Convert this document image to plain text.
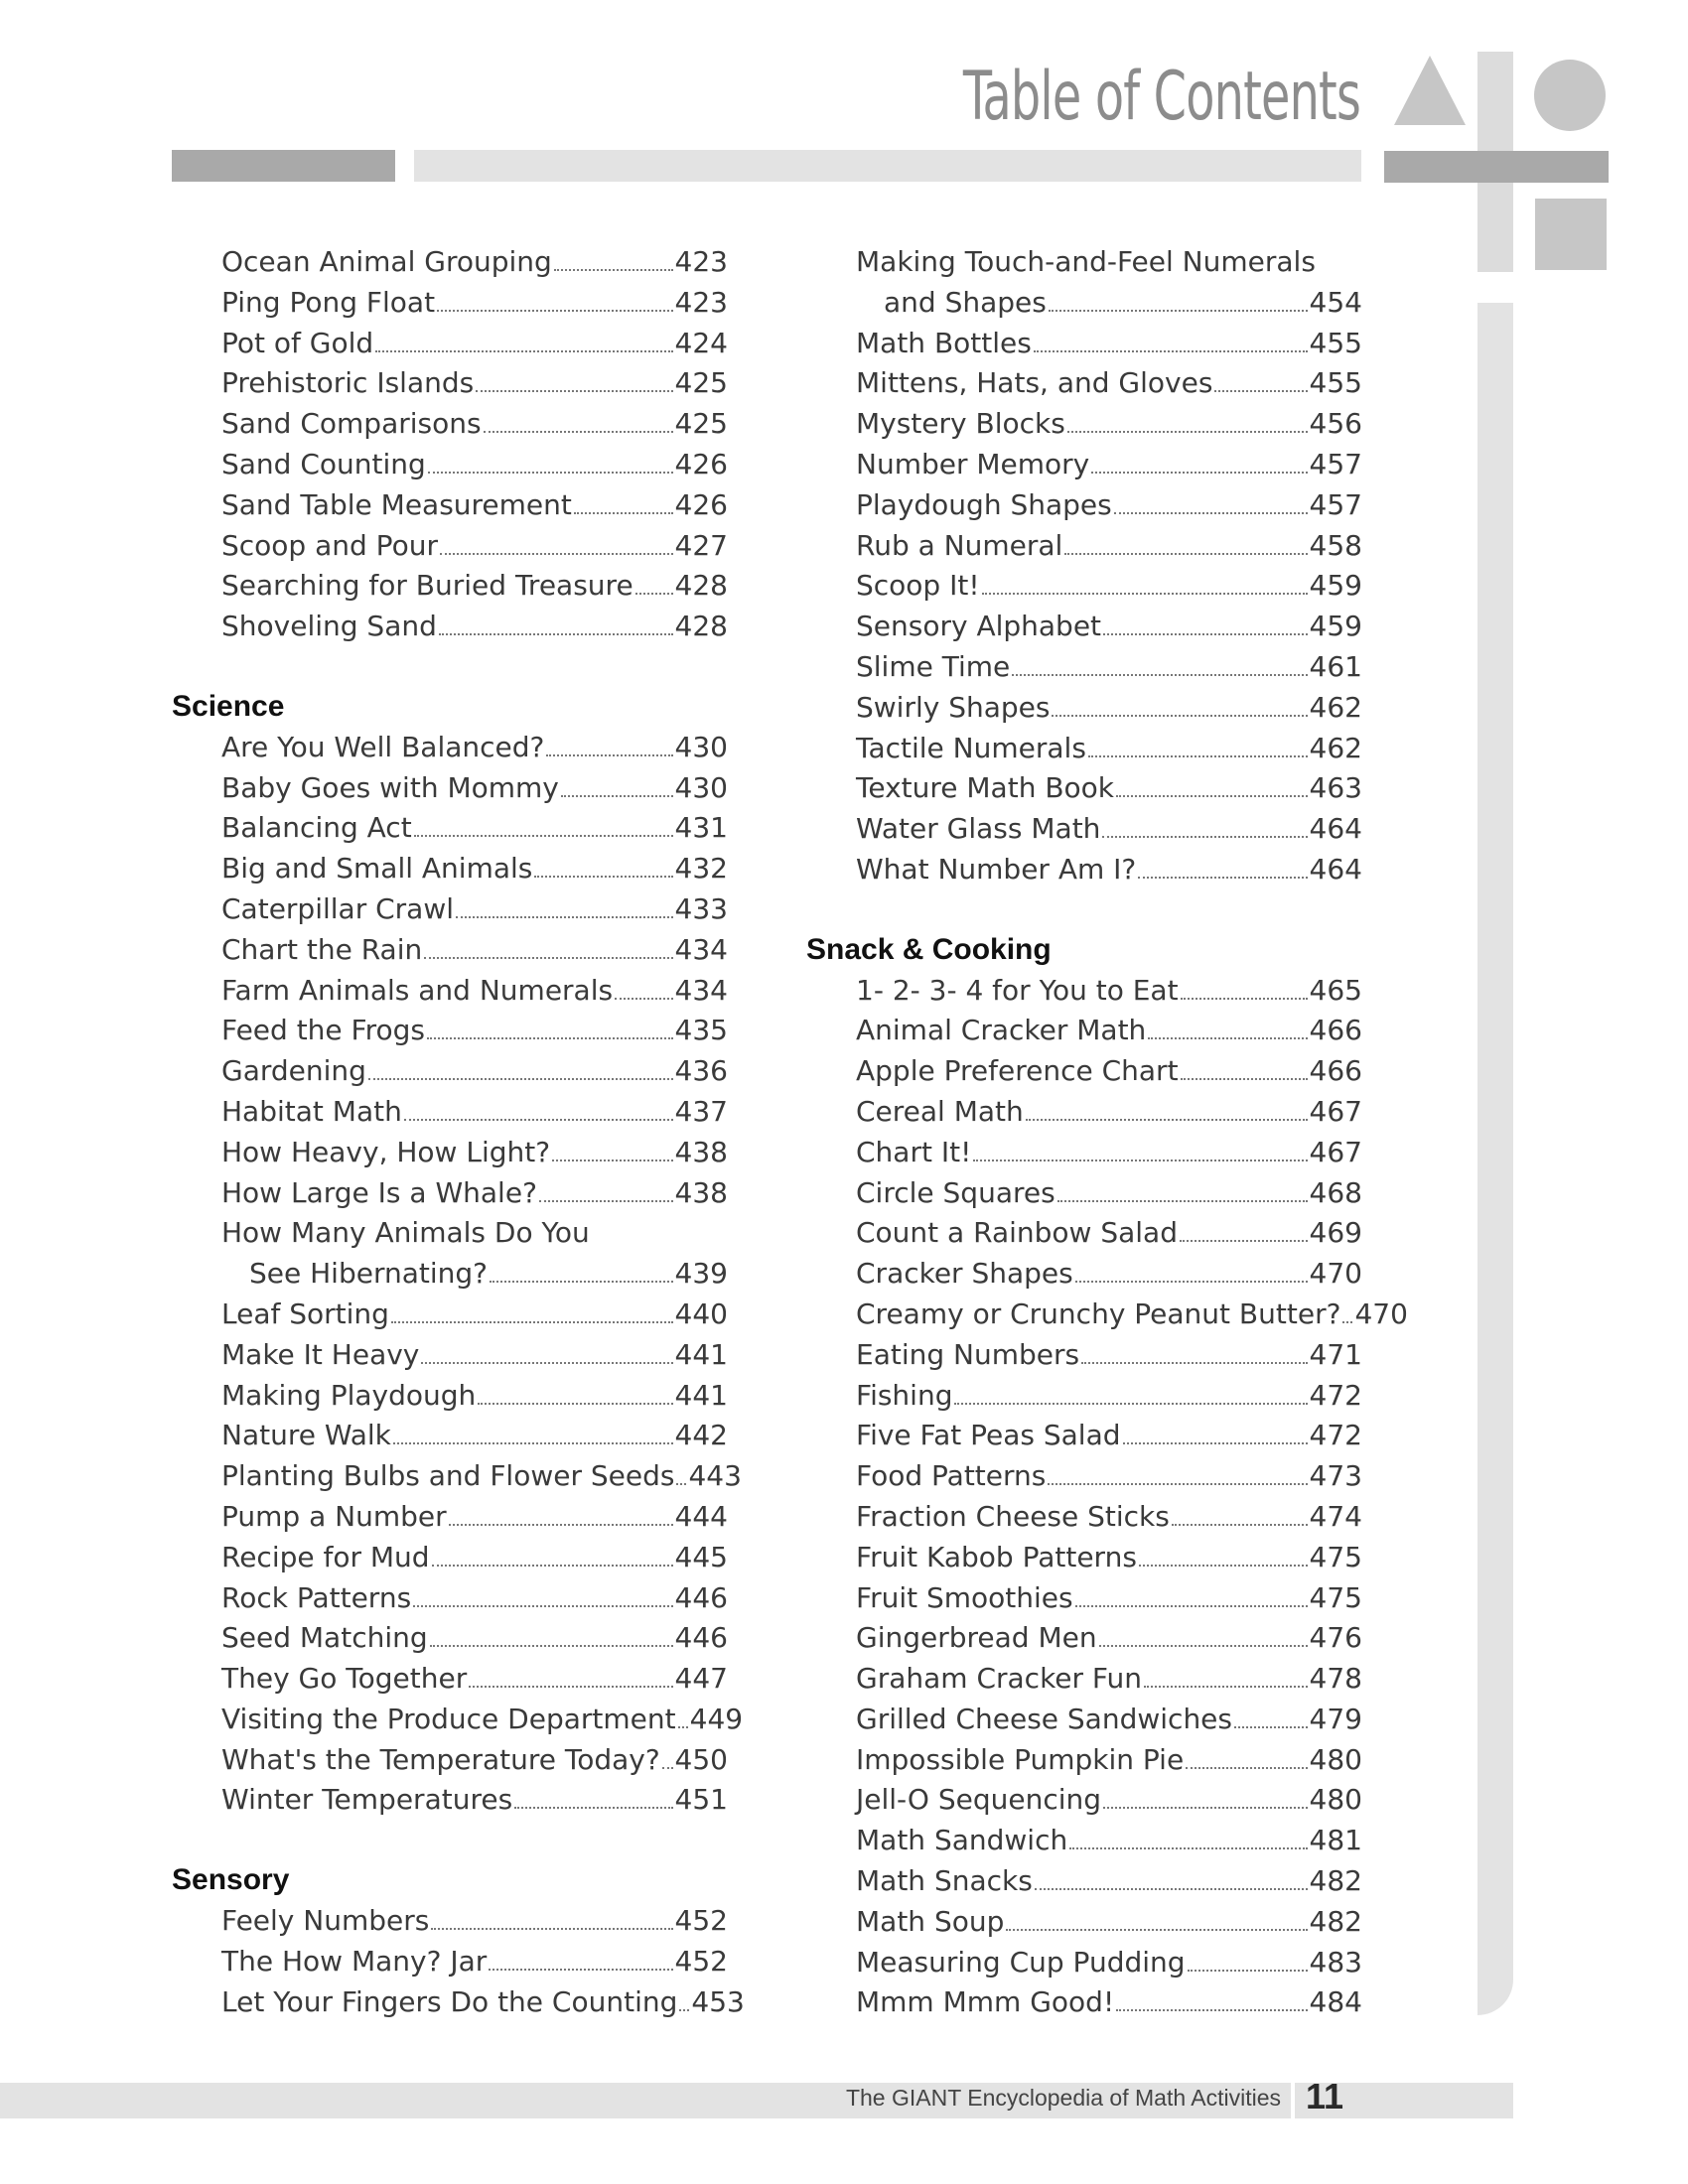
Table of Contents
Ocean Animal Grouping	423
Ping Pong Float	423
Pot of Gold	424
Prehistoric Islands	425
Sand Comparisons	425
Sand Counting	426
Sand Table Measurement	426
Scoop and Pour	427
Searching for Buried Treasure 428
Shoveling Sand	428
Science
Are You Well Balanced?	430
Baby Goes with Mommy	430
Balancing Act	431
Big and Small Animals	432
Caterpillar Crawl	433
Chart the Rain	434
Farm Animals and Numerals 434
Feed the Frogs	435
Gardening	436
Habitat Math	437
How Heavy, How Light?	438
How Large Is a Whale?	438
How Many Animals Do You
See Hibernating?	439
Leaf Sorting	440
Make It Heavy	441
Making Playdough	441
Nature Walk	442
Planting Bulbs and Flower Seeds 443
Pump a Number	444
Recipe for Mud	445
Rock Patterns	446
Seed Matching	446
They Go Together	447
Visiting the Produce Department 449
What's the Temperature Today? 450
Winter Temperatures	451
Sensory
Feely Numbers	452
The How Many? Jar	452
Let Your Fingers Do the Counting 453
Making Touch-and-Feel Numerals
and Shapes	454
Math Bottles	455
Mittens, Hats, and Gloves	455
Mystery Blocks	456
Number Memory	457
Playdough Shapes	457
Rub a Numeral	458
Scoop It!	459
Sensory Alphabet	459
Slime Time	461
Swirly Shapes	462
Tactile Numerals	462
Texture Math Book	463
Water Glass Math	464
What Number Am I?	464
Snack & Cooking
1- 2- 3- 4 for You to Eat	465
Animal Cracker Math	466
Apple Preference Chart	466
Cereal Math	467
Chart It!	467
Circle Squares	468
Count a Rainbow Salad	469
Cracker Shapes	470
Creamy or Crunchy Peanut Butter? 470
Eating Numbers	471
Fishing	472
Five Fat Peas Salad	472
Food Patterns	473
Fraction Cheese Sticks	474
Fruit Kabob Patterns	475
Fruit Smoothies	475
Gingerbread Men	476
Graham Cracker Fun	478
Grilled Cheese Sandwiches	479
Impossible Pumpkin Pie	480
Jell-O Sequencing	480
Math Sandwich	481
Math Snacks	482
Math Soup	482
Measuring Cup Pudding	483
Mmm Mmm Good!	484
The GIANT Encyclopedia of Math Activities 11
